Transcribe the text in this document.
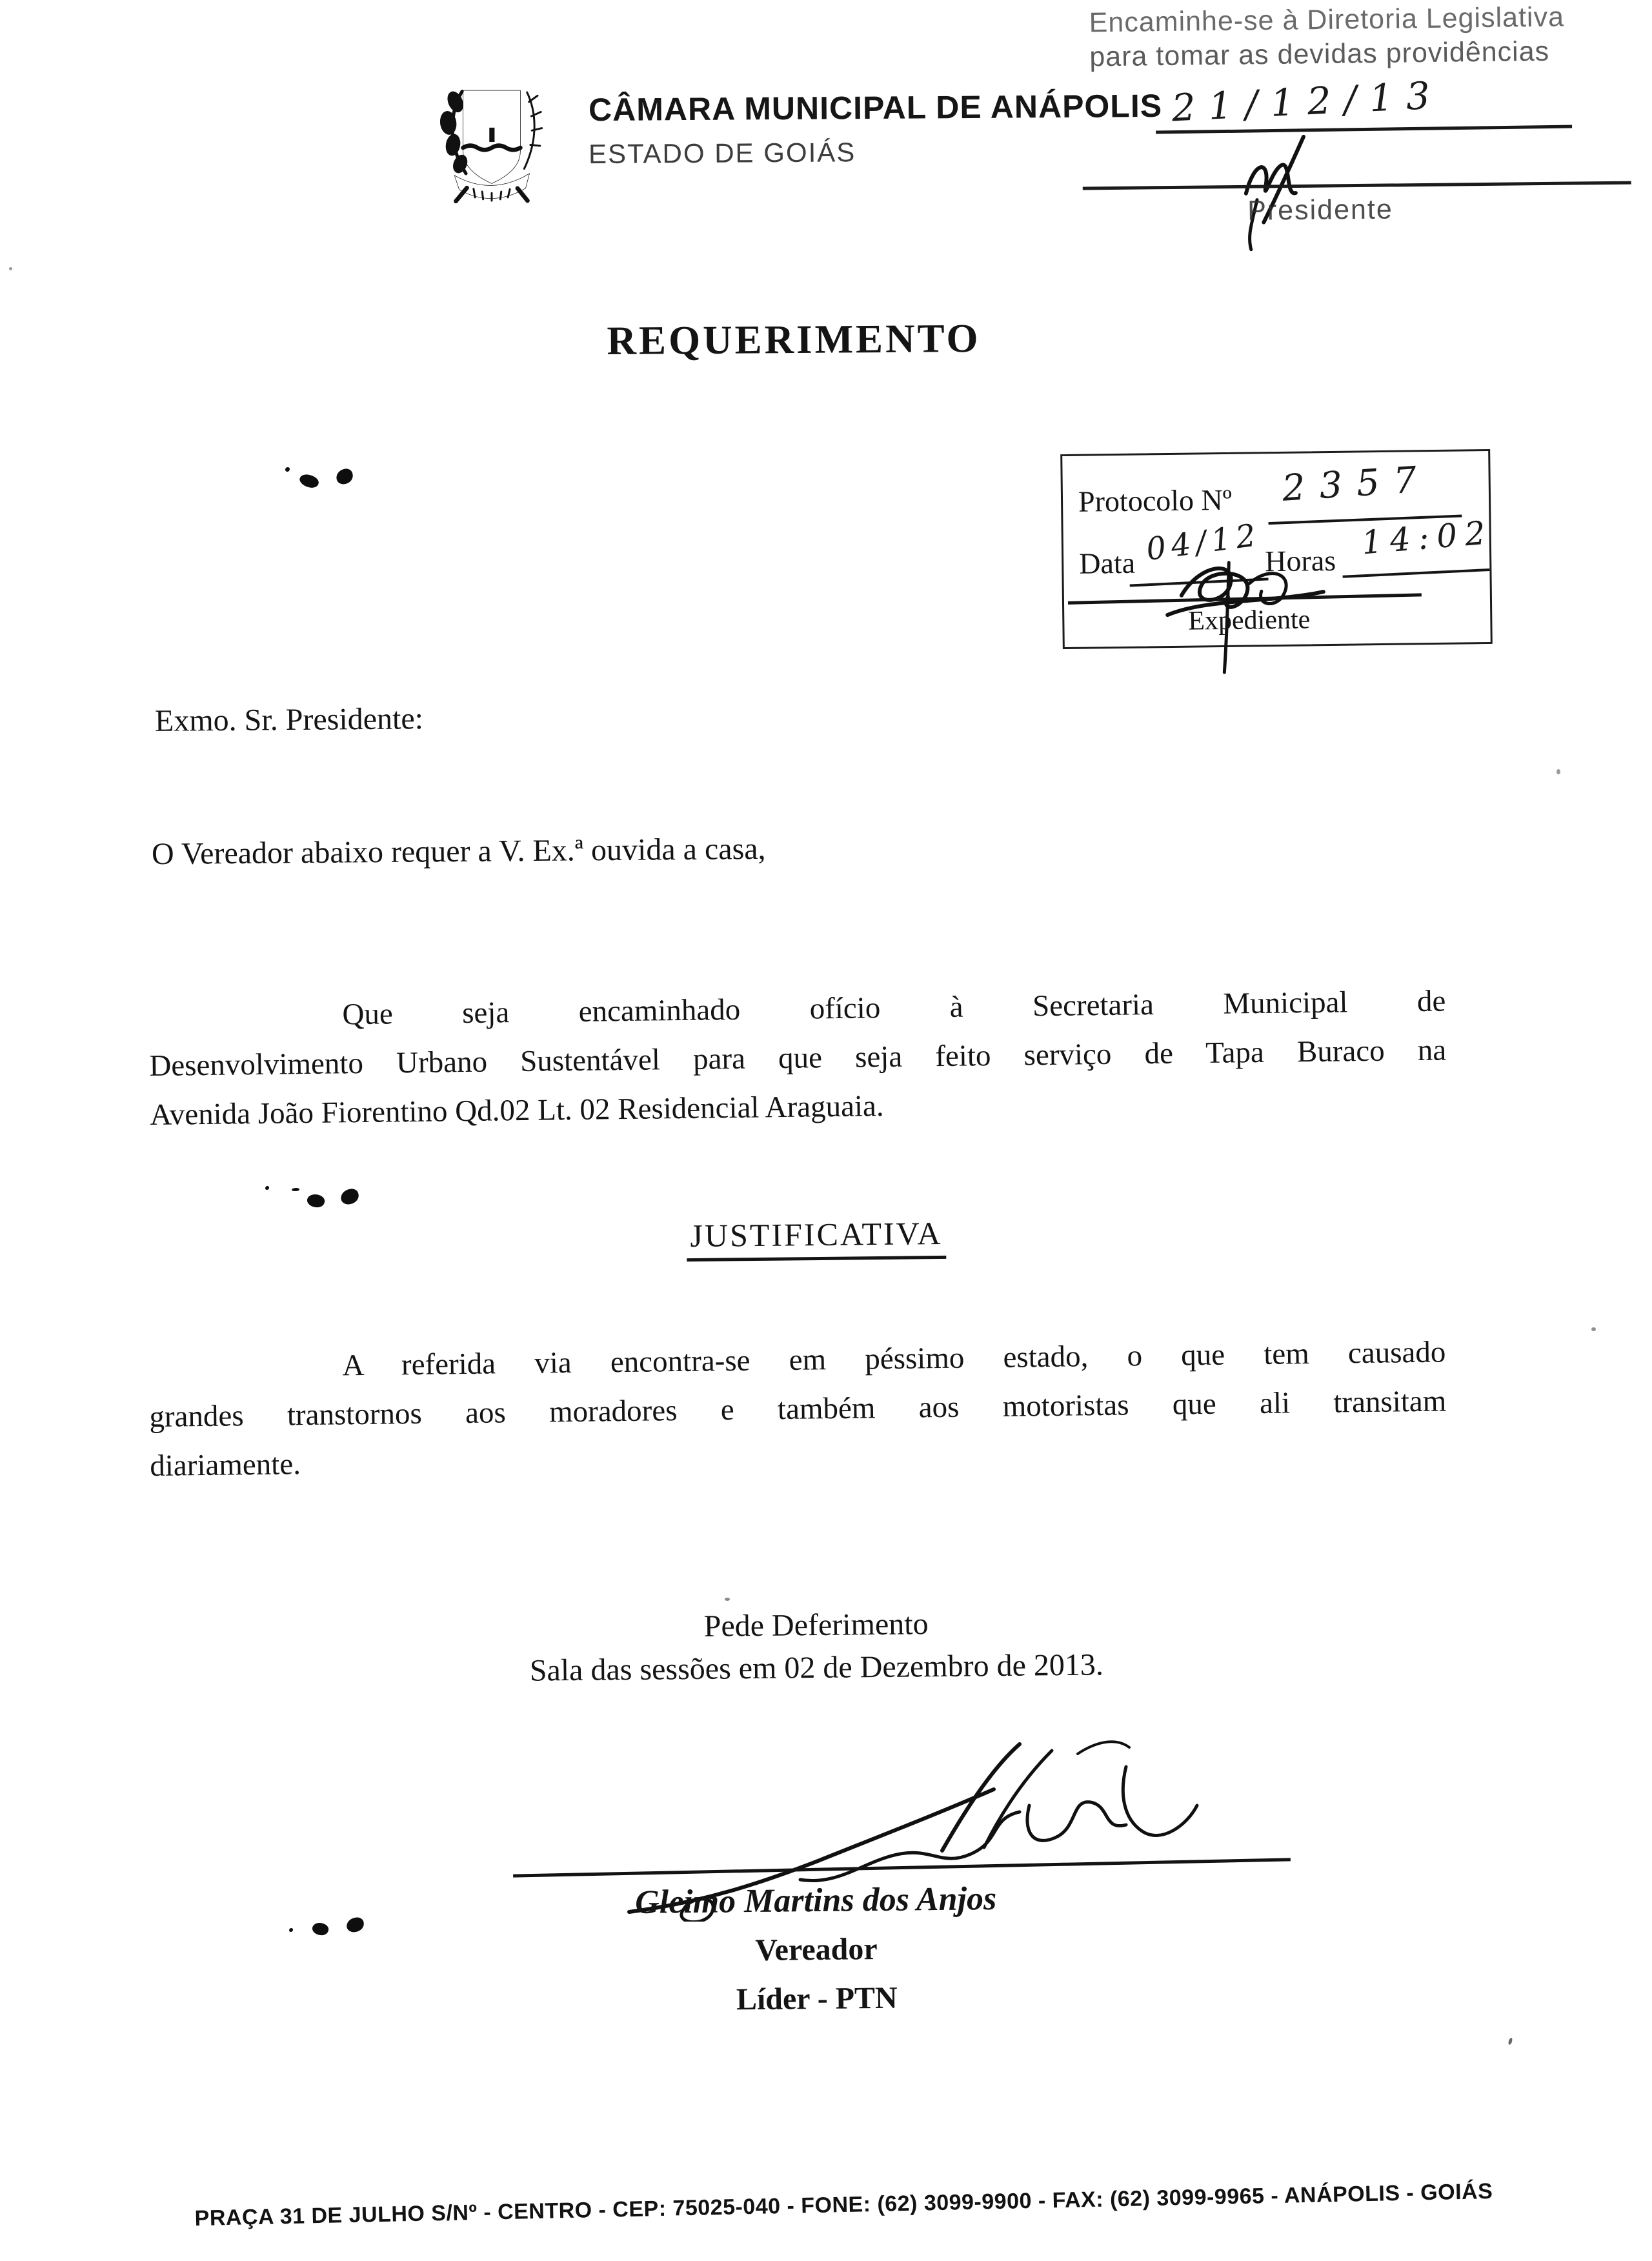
Encaminhe-se à Diretoria Legislativa
para tomar as devidas providências
CÂMARA MUNICIPAL DE ANÁPOLIS
ESTADO DE GOIÁS
21/12/13
Presidente
REQUERIMENTO
Protocolo Nº 2357
Data 04/12 Horas 14:02
Expediente
Exmo. Sr. Presidente:
O Vereador abaixo requer a V. Ex.ª ouvida a casa,
Que seja encaminhado ofício à Secretaria Municipal de
Desenvolvimento Urbano Sustentável para que seja feito serviço de Tapa Buraco na
Avenida João Fiorentino Qd.02 Lt. 02 Residencial Araguaia.
JUSTIFICATIVA
A referida via encontra-se em péssimo estado, o que tem causado
grandes transtornos aos moradores e também aos motoristas que ali transitam
diariamente.
Pede Deferimento
Sala das sessões em 02 de Dezembro de 2013.
Gleimo Martins dos Anjos
Vereador
Líder - PTN
PRAÇA 31 DE JULHO S/Nº - CENTRO - CEP: 75025-040 - FONE: (62) 3099-9900 - FAX: (62) 3099-9965 - ANÁPOLIS - GOIÁS
